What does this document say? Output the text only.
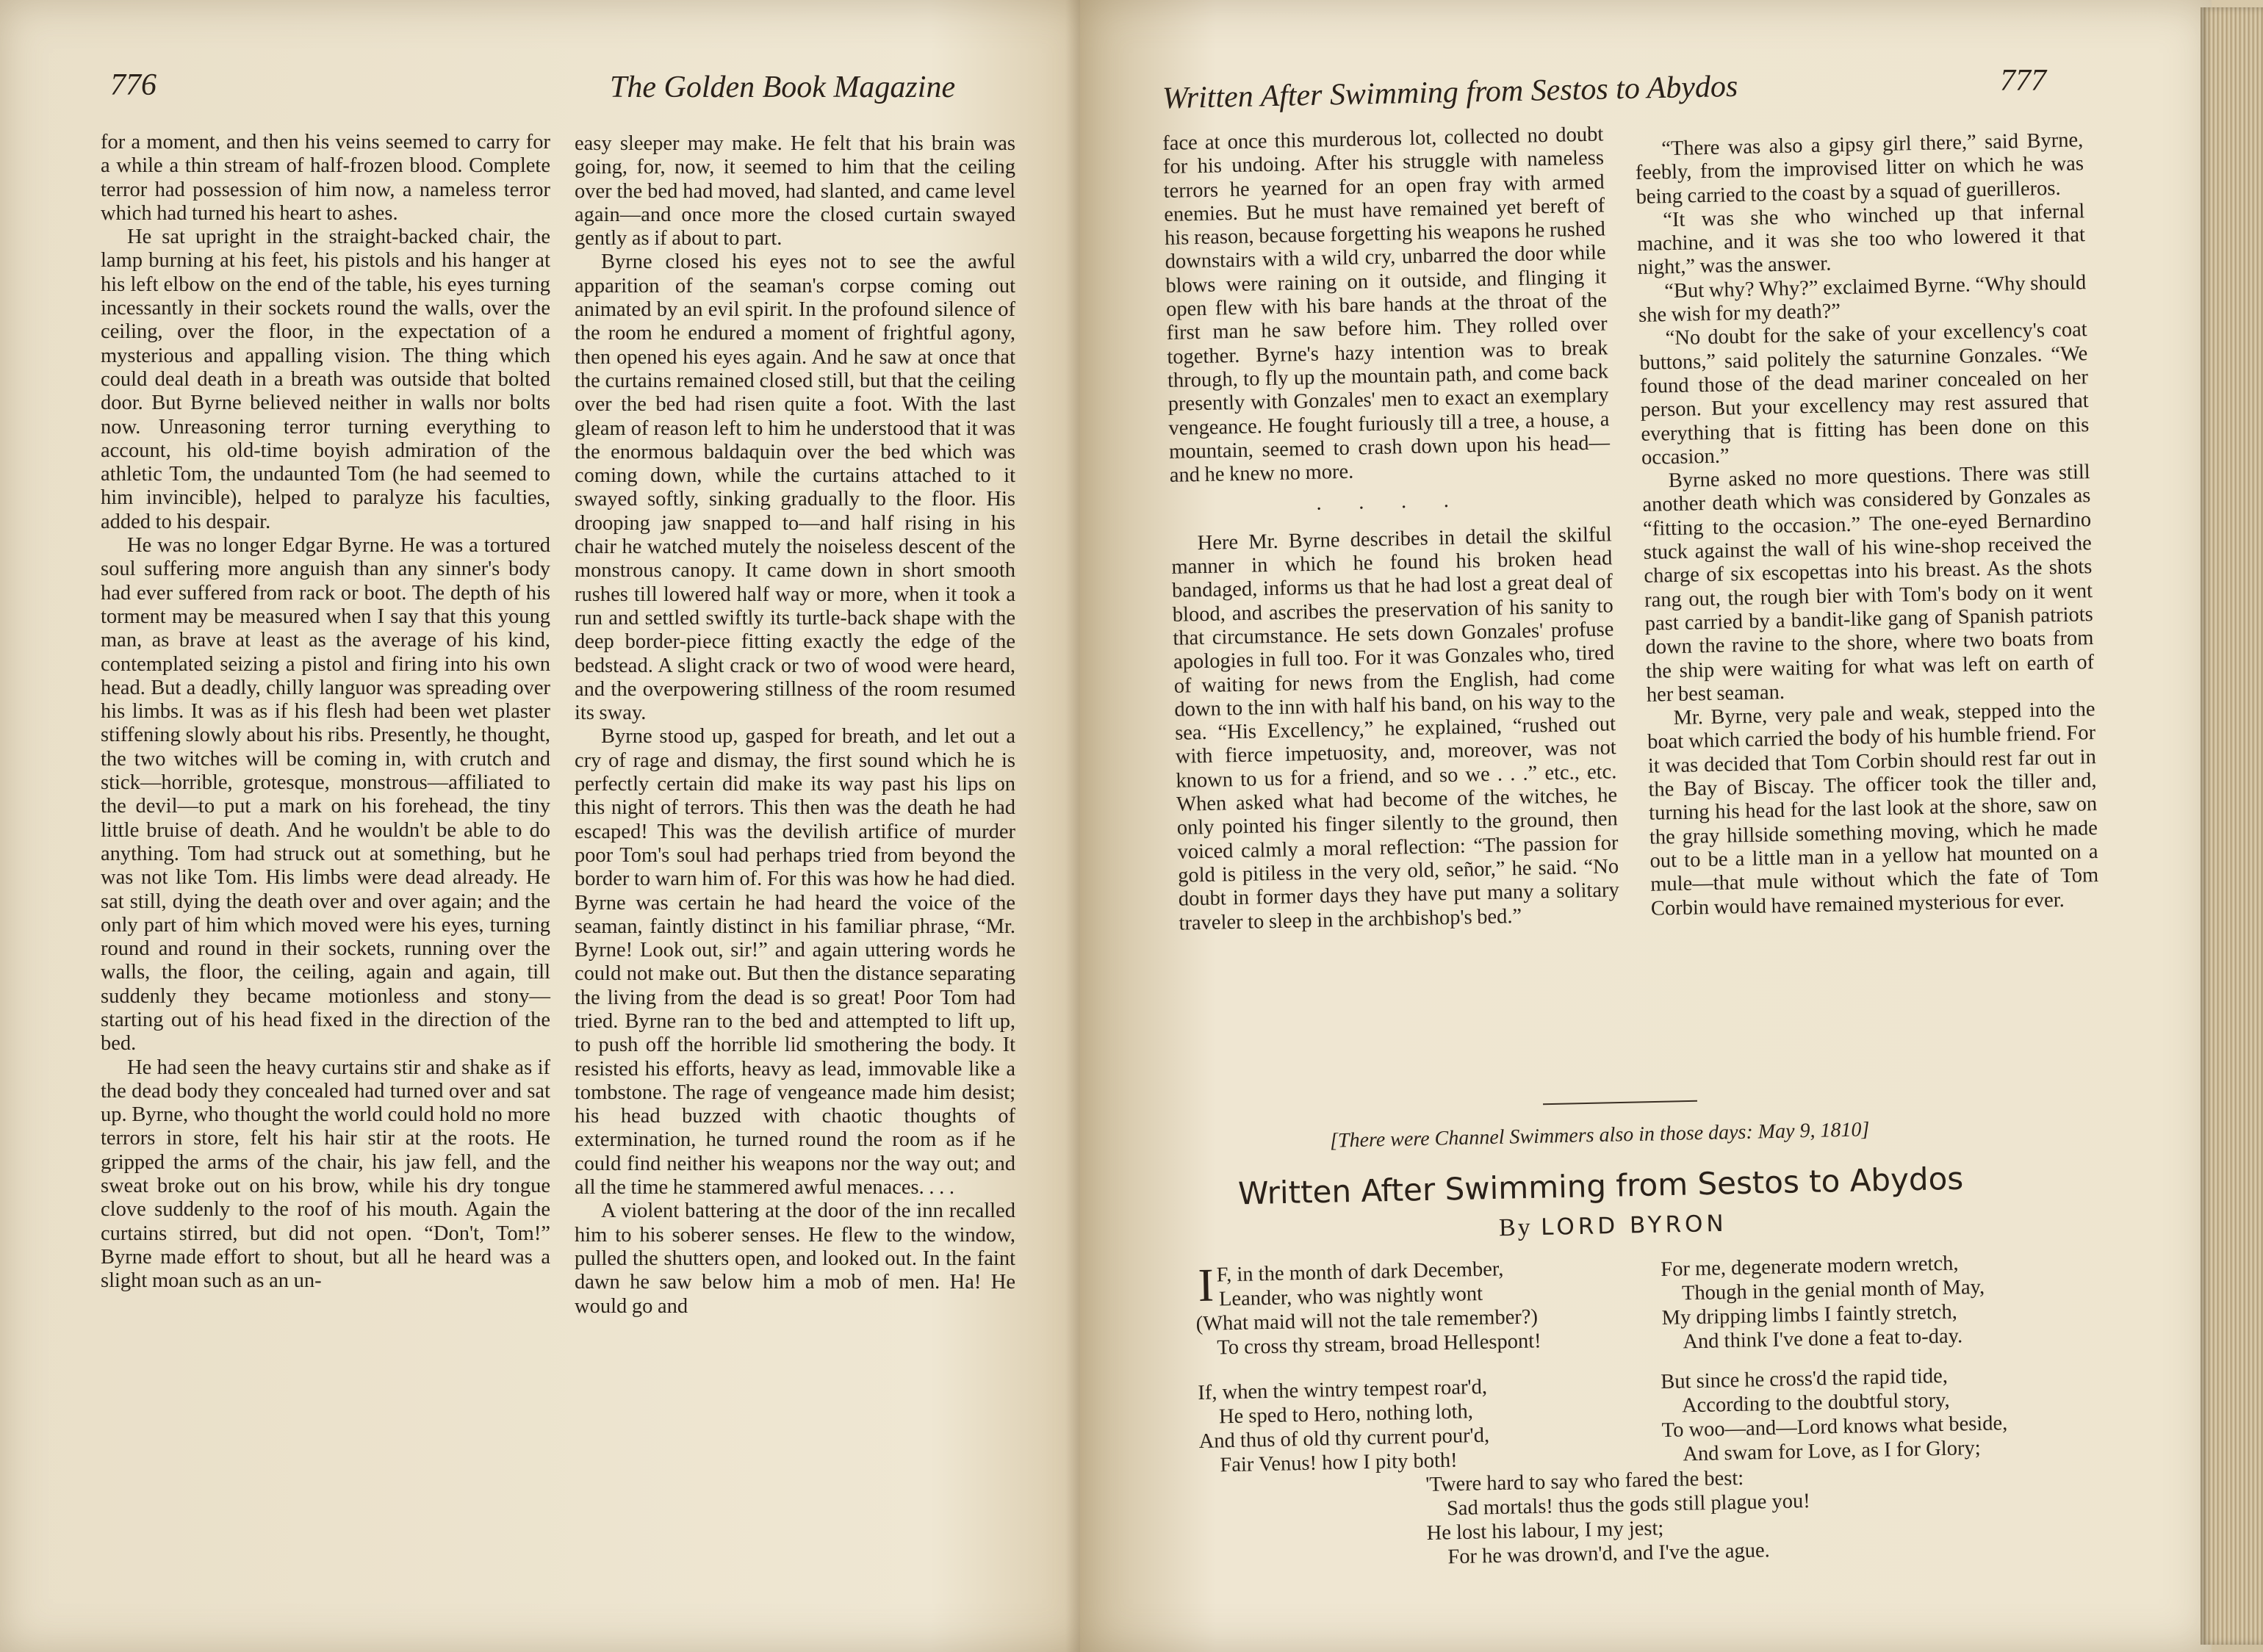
776	The Golden Book Magazine

for a moment, and then his veins seemed to carry for a while a thin stream of half-frozen blood. Complete terror had possession of him now, a nameless terror which had turned his heart to ashes.

He sat upright in the straight-backed chair, the lamp burning at his feet, his pistols and his hanger at his left elbow on the end of the table, his eyes turning incessantly in their sockets round the walls, over the ceiling, over the floor, in the expectation of a mysterious and appalling vision. The thing which could deal death in a breath was outside that bolted door. But Byrne believed neither in walls nor bolts now. Unreasoning terror turning everything to account, his old-time boyish admiration of the athletic Tom, the undaunted Tom (he had seemed to him invincible), helped to paralyze his faculties, added to his despair.

He was no longer Edgar Byrne. He was a tortured soul suffering more anguish than any sinner's body had ever suffered from rack or boot. The depth of his torment may be measured when I say that this young man, as brave at least as the average of his kind, contemplated seizing a pistol and firing into his own head. But a deadly, chilly languor was spreading over his limbs. It was as if his flesh had been wet plaster stiffening slowly about his ribs. Presently, he thought, the two witches will be coming in, with crutch and stick—horrible, grotesque, monstrous—affiliated to the devil—to put a mark on his forehead, the tiny little bruise of death. And he wouldn't be able to do anything. Tom had struck out at something, but he was not like Tom. His limbs were dead already. He sat still, dying the death over and over again; and the only part of him which moved were his eyes, turning round and round in their sockets, running over the walls, the floor, the ceiling, again and again, till suddenly they became motionless and stony—starting out of his head fixed in the direction of the bed.

He had seen the heavy curtains stir and shake as if the dead body they concealed had turned over and sat up. Byrne, who thought the world could hold no more terrors in store, felt his hair stir at the roots. He gripped the arms of the chair, his jaw fell, and the sweat broke out on his brow, while his dry tongue clove suddenly to the roof of his mouth. Again the curtains stirred, but did not open. “Don't, Tom!” Byrne made effort to shout, but all he heard was a slight moan such as an un-

easy sleeper may make. He felt that his brain was going, for, now, it seemed to him that the ceiling over the bed had moved, had slanted, and came level again—and once more the closed curtain swayed gently as if about to part.

Byrne closed his eyes not to see the awful apparition of the seaman's corpse coming out animated by an evil spirit. In the profound silence of the room he endured a moment of frightful agony, then opened his eyes again. And he saw at once that the curtains remained closed still, but that the ceiling over the bed had risen quite a foot. With the last gleam of reason left to him he understood that it was the enormous baldaquin over the bed which was coming down, while the curtains attached to it swayed softly, sinking gradually to the floor. His drooping jaw snapped to—and half rising in his chair he watched mutely the noiseless descent of the monstrous canopy. It came down in short smooth rushes till lowered half way or more, when it took a run and settled swiftly its turtle-back shape with the deep border-piece fitting exactly the edge of the bedstead. A slight crack or two of wood were heard, and the overpowering stillness of the room resumed its sway.

Byrne stood up, gasped for breath, and let out a cry of rage and dismay, the first sound which he is perfectly certain did make its way past his lips on this night of terrors. This then was the death he had escaped! This was the devilish artifice of murder poor Tom's soul had perhaps tried from beyond the border to warn him of. For this was how he had died. Byrne was certain he had heard the voice of the seaman, faintly distinct in his familiar phrase, “Mr. Byrne! Look out, sir!” and again uttering words he could not make out. But then the distance separating the living from the dead is so great! Poor Tom had tried. Byrne ran to the bed and attempted to lift up, to push off the horrible lid smothering the body. It resisted his efforts, heavy as lead, immovable like a tombstone. The rage of vengeance made him desist; his head buzzed with chaotic thoughts of extermination, he turned round the room as if he could find neither his weapons nor the way out; and all the time he stammered awful menaces. . . .

A violent battering at the door of the inn recalled him to his soberer senses. He flew to the window, pulled the shutters open, and looked out. In the faint dawn he saw below him a mob of men. Ha! He would go and

Written After Swimming from Sestos to Abydos	777

face at once this murderous lot, collected no doubt for his undoing. After his struggle with nameless terrors he yearned for an open fray with armed enemies. But he must have remained yet bereft of his reason, because forgetting his weapons he rushed downstairs with a wild cry, unbarred the door while blows were raining on it outside, and flinging it open flew with his bare hands at the throat of the first man he saw before him. They rolled over together. Byrne's hazy intention was to break through, to fly up the mountain path, and come back presently with Gonzales' men to exact an exemplary vengeance. He fought furiously till a tree, a house, a mountain, seemed to crash down upon his head—and he knew no more.

. . . .

Here Mr. Byrne describes in detail the skilful manner in which he found his broken head bandaged, informs us that he had lost a great deal of blood, and ascribes the preservation of his sanity to that circumstance. He sets down Gonzales' profuse apologies in full too. For it was Gonzales who, tired of waiting for news from the English, had come down to the inn with half his band, on his way to the sea. “His Excellency,” he explained, “rushed out with fierce impetuosity, and, moreover, was not known to us for a friend, and so we . . .” etc., etc. When asked what had become of the witches, he only pointed his finger silently to the ground, then voiced calmly a moral reflection: “The passion for gold is pitiless in the very old, señor,” he said. “No doubt in former days they have put many a solitary traveler to sleep in the archbishop's bed.”

“There was also a gipsy girl there,” said Byrne, feebly, from the improvised litter on which he was being carried to the coast by a squad of guerilleros.

“It was she who winched up that infernal machine, and it was she too who lowered it that night,” was the answer.

“But why? Why?” exclaimed Byrne. “Why should she wish for my death?”

“No doubt for the sake of your excellency's coat buttons,” said politely the saturnine Gonzales. “We found those of the dead mariner concealed on her person. But your excellency may rest assured that everything that is fitting has been done on this occasion.”

Byrne asked no more questions. There was still another death which was considered by Gonzales as “fitting to the occasion.” The one-eyed Bernardino stuck against the wall of his wine-shop received the charge of six escopettas into his breast. As the shots rang out, the rough bier with Tom's body on it went past carried by a bandit-like gang of Spanish patriots down the ravine to the shore, where two boats from the ship were waiting for what was left on earth of her best seaman.

Mr. Byrne, very pale and weak, stepped into the boat which carried the body of his humble friend. For it was decided that Tom Corbin should rest far out in the Bay of Biscay. The officer took the tiller and, turning his head for the last look at the shore, saw on the gray hillside something moving, which he made out to be a little man in a yellow hat mounted on a mule—that mule without which the fate of Tom Corbin would have remained mysterious for ever.

[There were Channel Swimmers also in those days: May 9, 1810]
Written After Swimming from Sestos to Abydos
By LORD BYRON
I F, in the month of dark December,
Leander, who was nightly wont
(What maid will not the tale remember?)
To cross thy stream, broad Hellespont!
If, when the wintry tempest roar'd,
He sped to Hero, nothing loth,
And thus of old thy current pour'd,
Fair Venus! how I pity both!
For me, degenerate modern wretch,
Though in the genial month of May,
My dripping limbs I faintly stretch,
And think I've done a feat to-day.
But since he cross'd the rapid tide,
According to the doubtful story,
To woo—and—Lord knows what beside,
And swam for Love, as I for Glory;
'Twere hard to say who fared the best:
Sad mortals! thus the gods still plague you!
He lost his labour, I my jest;
For he was drown'd, and I've the ague.
